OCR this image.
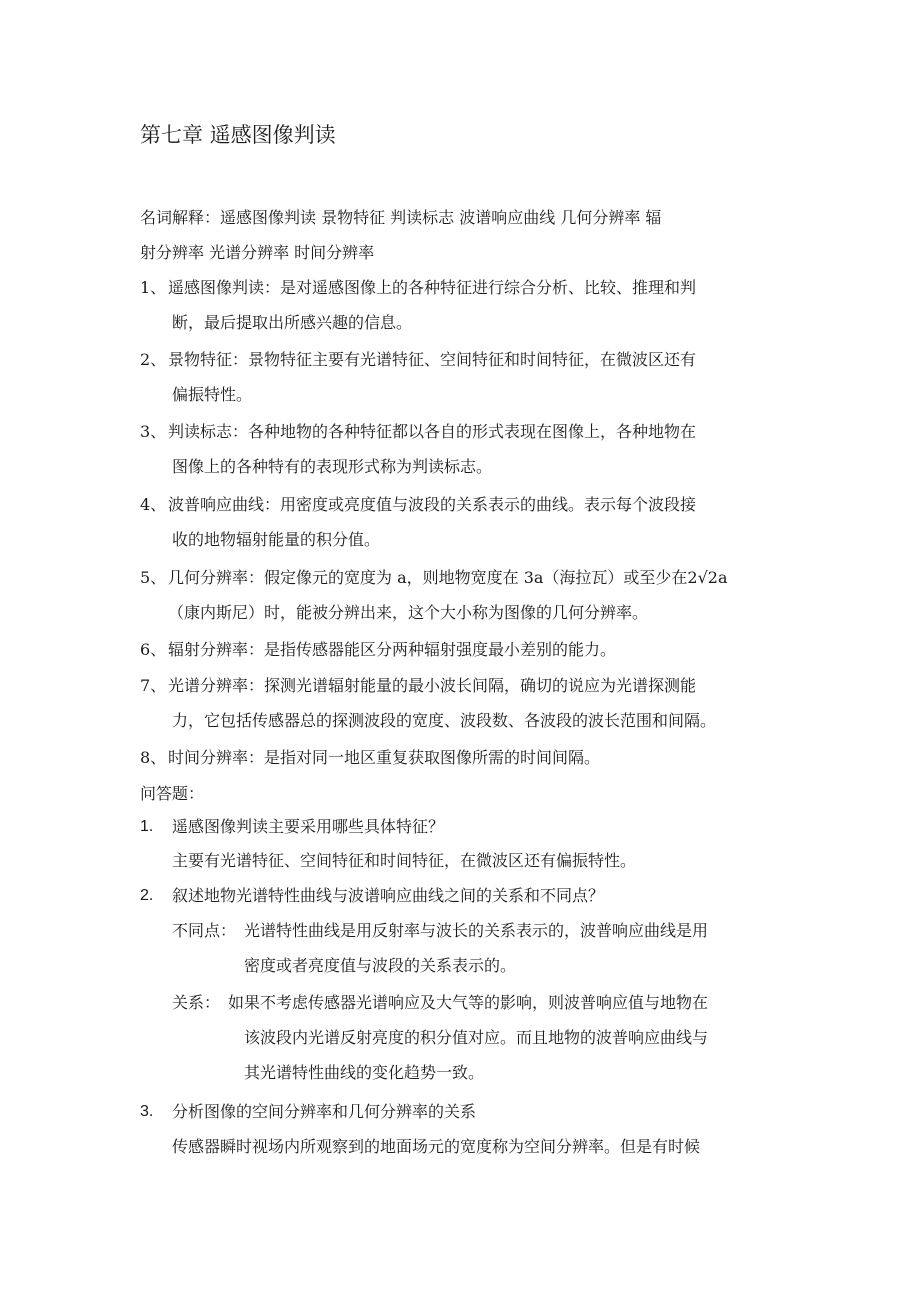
第七章 遥感图像判读
名词解释：遥感图像判读 景物特征 判读标志 波谱响应曲线 几何分辨率 辐
射分辨率 光谱分辨率 时间分辨率
1、 遥感图像判读：是对遥感图像上的各种特征进行综合分析、比较、推理和判
断，最后提取出所感兴趣的信息。
2、 景物特征：景物特征主要有光谱特征、空间特征和时间特征，在微波区还有
偏振特性。
3、 判读标志：各种地物的各种特征都以各自的形式表现在图像上，各种地物在
图像上的各种特有的表现形式称为判读标志。
4、 波普响应曲线：用密度或亮度值与波段的关系表示的曲线。表示每个波段接
收的地物辐射能量的积分值。
5、 几何分辨率：假定像元的宽度为 a，则地物宽度在 3a（海拉瓦）或至少在2√2a
（康内斯尼）时，能被分辨出来，这个大小称为图像的几何分辨率。
6、 辐射分辨率：是指传感器能区分两种辐射强度最小差别的能力。
7、 光谱分辨率：探测光谱辐射能量的最小波长间隔，确切的说应为光谱探测能
力，它包括传感器总的探测波段的宽度、波段数、各波段的波长范围和间隔。
8、 时间分辨率：是指对同一地区重复获取图像所需的时间间隔。
问答题：
1. 遥感图像判读主要采用哪些具体特征？
主要有光谱特征、空间特征和时间特征，在微波区还有偏振特性。
2. 叙述地物光谱特性曲线与波谱响应曲线之间的关系和不同点？
不同点： 光谱特性曲线是用反射率与波长的关系表示的，波普响应曲线是用
密度或者亮度值与波段的关系表示的。
关系： 如果不考虑传感器光谱响应及大气等的影响，则波普响应值与地物在
该波段内光谱反射亮度的积分值对应。而且地物的波普响应曲线与
其光谱特性曲线的变化趋势一致。
3. 分析图像的空间分辨率和几何分辨率的关系
传感器瞬时视场内所观察到的地面场元的宽度称为空间分辨率。但是有时候
